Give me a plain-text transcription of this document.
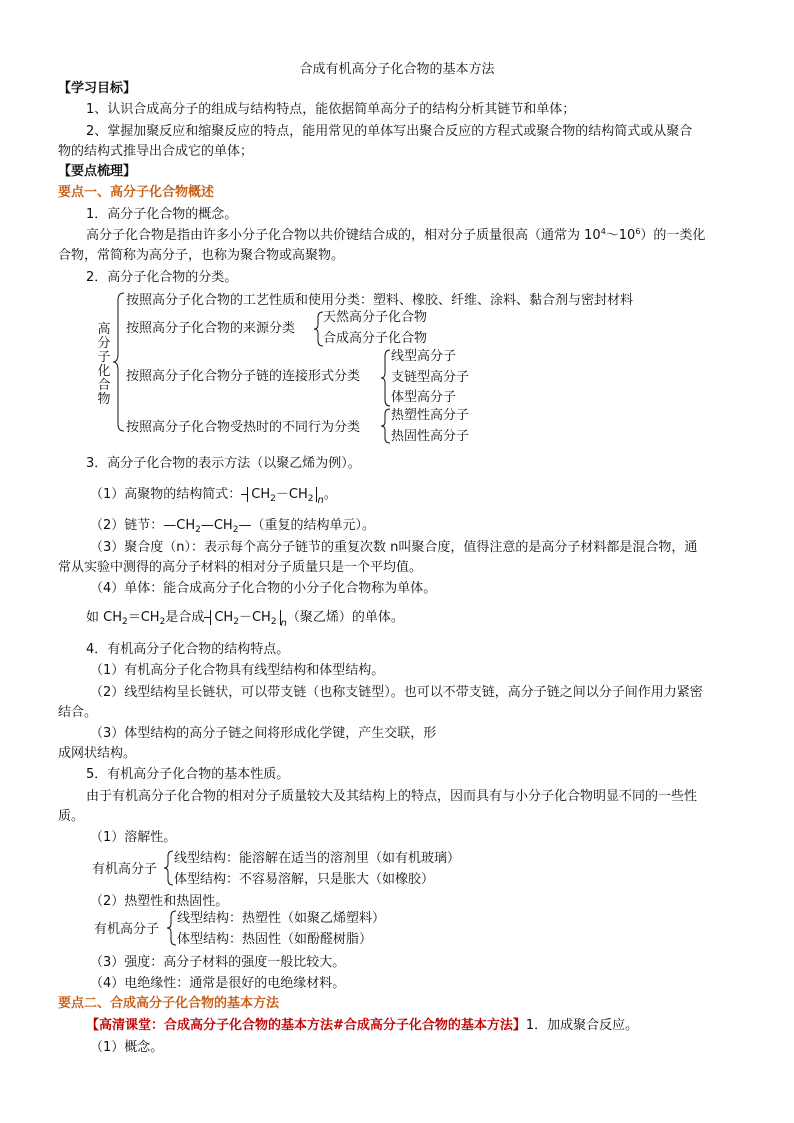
合成有机高分子化合物的基本方法
【学习目标】
1、认识合成高分子的组成与结构特点，能依据简单高分子的结构分析其链节和单体；
2、掌握加聚反应和缩聚反应的特点，能用常见的单体写出聚合反应的方程式或聚合物的结构简式或从聚合
物的结构式推导出合成它的单体；
【要点梳理】
要点一、高分子化合物概述
1．高分子化合物的概念。
高分子化合物是指由许多小分子化合物以共价键结合成的，相对分子质量很高（通常为 $10^4\sim 10^6$）的一类化
合物，常简称为高分子，也称为聚合物或高聚物。
2．高分子化合物的分类。
高
分
子
化
合
物
按照高分子化合物的工艺性质和使用分类：塑料、橡胶、纤维、涂料、黏合剂与密封材料
按照高分子化合物的来源分类
天然高分子化合物
合成高分子化合物
按照高分子化合物分子链的连接形式分类
线型高分子
支链型高分子
体型高分子
按照高分子化合物受热时的不同行为分类
热塑性高分子
热固性高分子
3．高分子化合物的表示方法（以聚乙烯为例）。
（1）高聚物的结构简式： $CH_2-CH_2$ $_n$。
（2）链节：$—CH_2—CH_2—$（重复的结构单元）。
（3）聚合度（n）：表示每个高分子链节的重复次数 n叫聚合度，值得注意的是高分子材料都是混合物，通
常从实验中测得的高分子材料的相对分子质量只是一个平均值。
（4）单体：能合成高分子化合物的小分子化合物称为单体。
如 $CH_2=CH_2$是合成 $CH_2-CH_2$ $_n$（聚乙烯）的单体。
4．有机高分子化合物的结构特点。
（1）有机高分子化合物具有线型结构和体型结构。
（2）线型结构呈长链状，可以带支链（也称支链型）。也可以不带支链，高分子链之间以分子间作用力紧密
结合。
（3）体型结构的高分子链之间将形成化学键，产生交联，形
成网状结构。
5．有机高分子化合物的基本性质。
由于有机高分子化合物的相对分子质量较大及其结构上的特点，因而具有与小分子化合物明显不同的一些性
质。
（1）溶解性。
有机高分子
线型结构：能溶解在适当的溶剂里（如有机玻璃）
体型结构：不容易溶解，只是胀大（如橡胶）
（2）热塑性和热固性。
有机高分子
线型结构：热塑性（如聚乙烯塑料）
体型结构：热固性（如酚醛树脂）
（3）强度：高分子材料的强度一般比较大。
（4）电绝缘性：通常是很好的电绝缘材料。
要点二、合成高分子化合物的基本方法
【高清课堂：合成高分子化合物的基本方法#合成高分子化合物的基本方法】1．加成聚合反应。
（1）概念。
